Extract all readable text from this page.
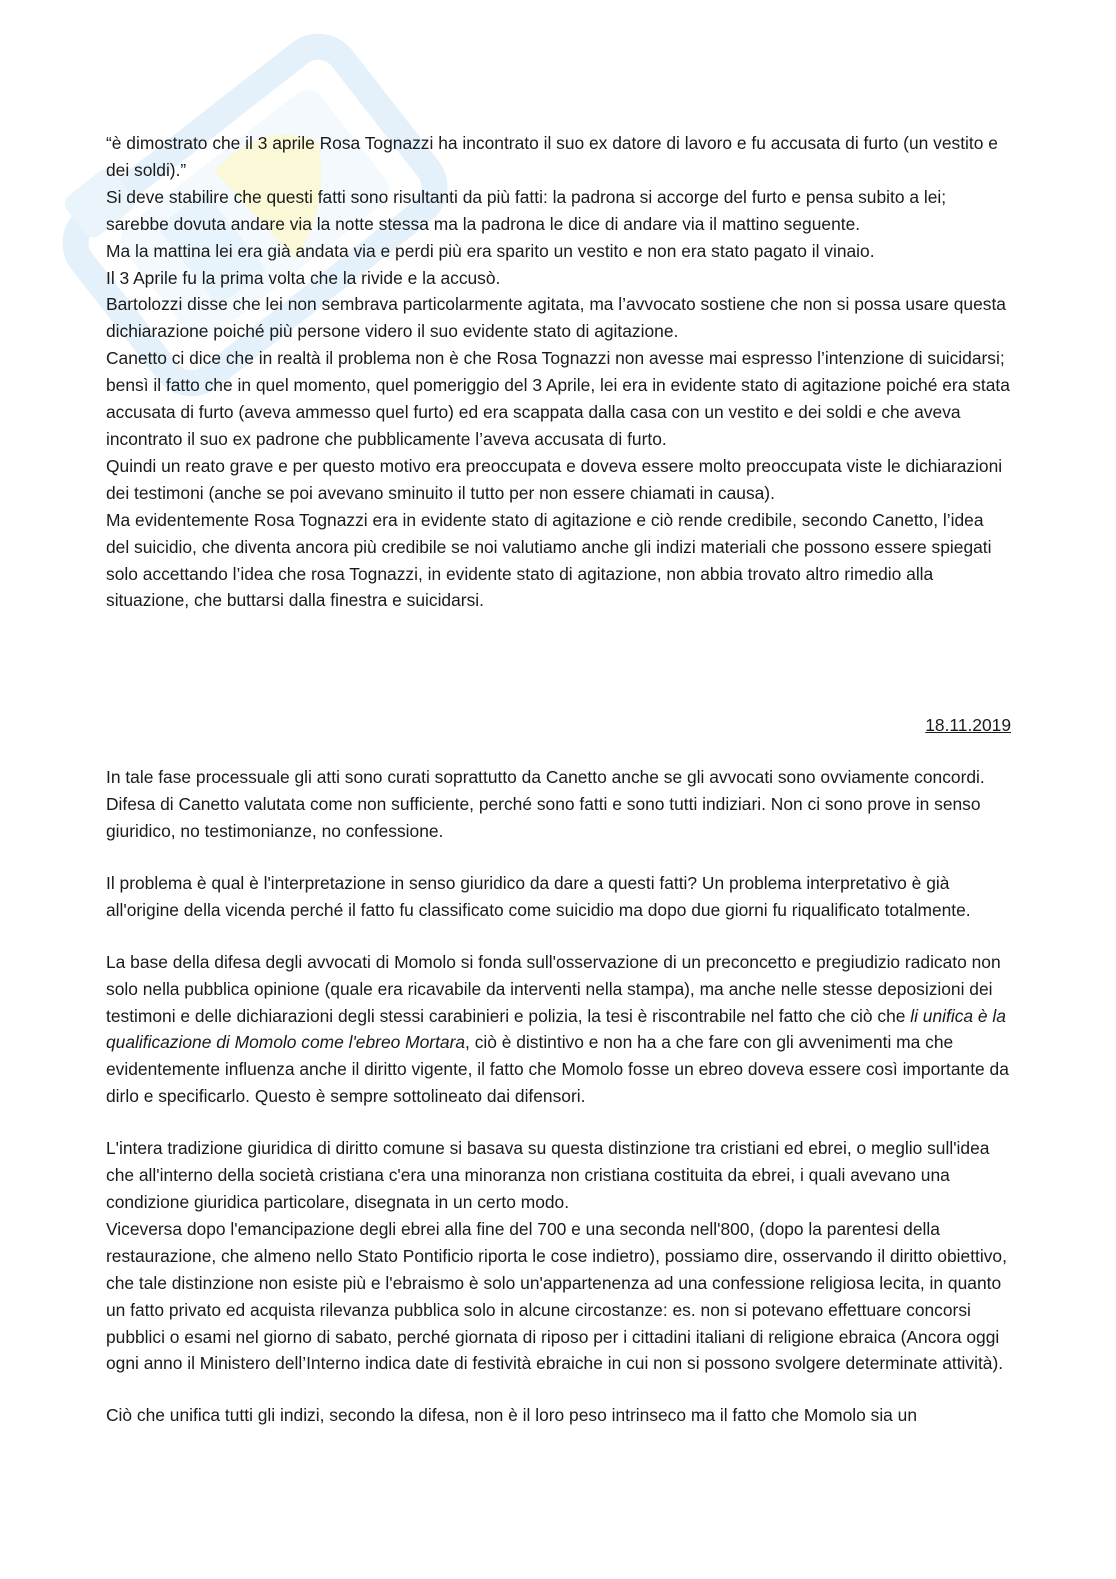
“è dimostrato che il 3 aprile Rosa Tognazzi ha incontrato il suo ex datore di lavoro e fu accusata di furto (un vestito e dei soldi).”

Si deve stabilire che questi fatti sono risultanti da più fatti: la padrona si accorge del furto e pensa subito a lei; sarebbe dovuta andare via la notte stessa ma la padrona le dice di andare via il mattino seguente.

Ma la mattina lei era già andata via e perdi più era sparito un vestito e non era stato pagato il vinaio.

Il 3 Aprile fu la prima volta che la rivide e la accusò.

Bartolozzi disse che lei non sembrava particolarmente agitata, ma l’avvocato sostiene che non si possa usare questa dichiarazione poiché più persone videro il suo evidente stato di agitazione.

Canetto ci dice che in realtà il problema non è che Rosa Tognazzi non avesse mai espresso l’intenzione di suicidarsi; bensì il fatto che in quel momento, quel pomeriggio del 3 Aprile, lei era in evidente stato di agitazione poiché era stata accusata di furto (aveva ammesso quel furto) ed era scappata dalla casa con un vestito e dei soldi e che aveva incontrato il suo ex padrone che pubblicamente l’aveva accusata di furto.

Quindi un reato grave e per questo motivo era preoccupata e doveva essere molto preoccupata viste le dichiarazioni dei testimoni (anche se poi avevano sminuito il tutto per non essere chiamati in causa).

Ma evidentemente Rosa Tognazzi era in evidente stato di agitazione e ciò rende credibile, secondo Canetto, l’idea del suicidio, che diventa ancora più credibile se noi valutiamo anche gli indizi materiali che possono essere spiegati solo accettando l’idea che rosa Tognazzi, in evidente stato di agitazione, non abbia trovato altro rimedio alla situazione, che buttarsi dalla finestra e suicidarsi.

18.11.2019

In tale fase processuale gli atti sono curati soprattutto da Canetto anche se gli avvocati sono ovviamente concordi. Difesa di Canetto valutata come non sufficiente, perché sono fatti e sono tutti indiziari. Non ci sono prove in senso giuridico, no testimonianze, no confessione.

Il problema è qual è l'interpretazione in senso giuridico da dare a questi fatti? Un problema interpretativo è già all'origine della vicenda perché il fatto fu classificato come suicidio ma dopo due giorni fu riqualificato totalmente.

La base della difesa degli avvocati di Momolo si fonda sull'osservazione di un preconcetto e pregiudizio radicato non solo nella pubblica opinione (quale era ricavabile da interventi nella stampa), ma anche nelle stesse deposizioni dei testimoni e delle dichiarazioni degli stessi carabinieri e polizia, la tesi è riscontrabile nel fatto che ciò che li unifica è la qualificazione di Momolo come l'ebreo Mortara, ciò è distintivo e non ha a che fare con gli avvenimenti ma che evidentemente influenza anche il diritto vigente, il fatto che Momolo fosse un ebreo doveva essere così importante da dirlo e specificarlo. Questo è sempre sottolineato dai difensori.

L'intera tradizione giuridica di diritto comune si basava su questa distinzione tra cristiani ed ebrei, o meglio sull'idea che all'interno della società cristiana c'era una minoranza non cristiana costituita da ebrei, i quali avevano una condizione giuridica particolare, disegnata in un certo modo.

Viceversa dopo l'emancipazione degli ebrei alla fine del 700 e una seconda nell'800, (dopo la parentesi della restaurazione, che almeno nello Stato Pontificio riporta le cose indietro), possiamo dire, osservando il diritto obiettivo, che tale distinzione non esiste più e l'ebraismo è solo un'appartenenza ad una confessione religiosa lecita, in quanto un fatto privato ed acquista rilevanza pubblica solo in alcune circostanze: es. non si potevano effettuare concorsi pubblici o esami nel giorno di sabato, perché giornata di riposo per i cittadini italiani di religione ebraica (Ancora oggi ogni anno il Ministero dell’Interno indica date di festività ebraiche in cui non si possono svolgere determinate attività).

Ciò che unifica tutti gli indizi, secondo la difesa, non è il loro peso intrinseco ma il fatto che Momolo sia un
